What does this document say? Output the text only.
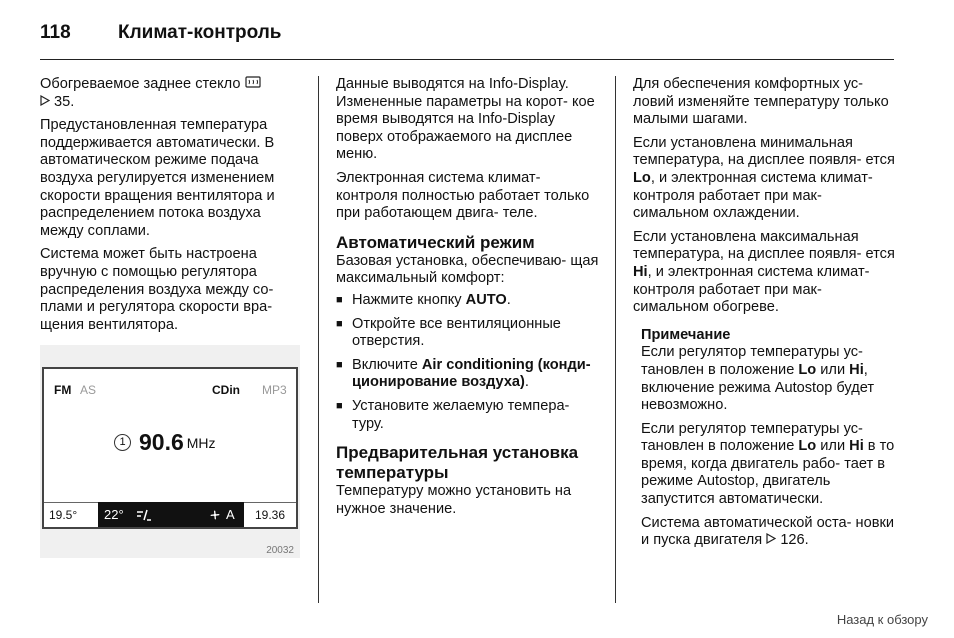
118 Климат-контроль

Обогреваемое заднее стекло
35.

Предустановленная температура поддерживается автоматически. В автоматическом режиме подача воздуха регулируется изменением скорости вращения вентилятора и распределением потока воздуха между соплами.

Система может быть настроена вручную с помощью регулятора распределения воздуха между со- плами и регулятора скорости вра- щения вентилятора.

FM AS	CDin MP3
1 90.6 MHz
19.5°	22°	A	19.36
20032

Данные выводятся на Info-Display. Измененные параметры на корот- кое время выводятся на Info-Display поверх отображаемого на дисплее меню.

Электронная система климат- контроля полностью работает только при работающем двига- теле.

Автоматический режим

Базовая установка, обеспечиваю- щая максимальный комфорт:

■ Нажмите кнопку AUTO.
■ Откройте все вентиляционные отверстия.
■ Включите Air conditioning (конди- ционирование воздуха).
■ Установите желаемую темпера- туру.
Предварительная установка температуры

Температуру можно установить на нужное значение.

Для обеспечения комфортных ус- ловий изменяйте температуру только малыми шагами.

Если установлена минимальная температура, на дисплее появля- ется Lo, и электронная система климат-контроля работает при мак- симальном охлаждении.

Если установлена максимальная температура, на дисплее появля- ется Hi, и электронная система климат-контроля работает при мак- симальном обогреве.

Примечание

Если регулятор температуры ус- тановлен в положение Lo или Hi, включение режима Autostop будет невозможно.

Если регулятор температуры ус- тановлен в положение Lo или Hi в то время, когда двигатель рабо- тает в режиме Autostop, двигатель запустится автоматически.

Система автоматической оста- новки и пуска двигателя  126.

Назад к обзору
